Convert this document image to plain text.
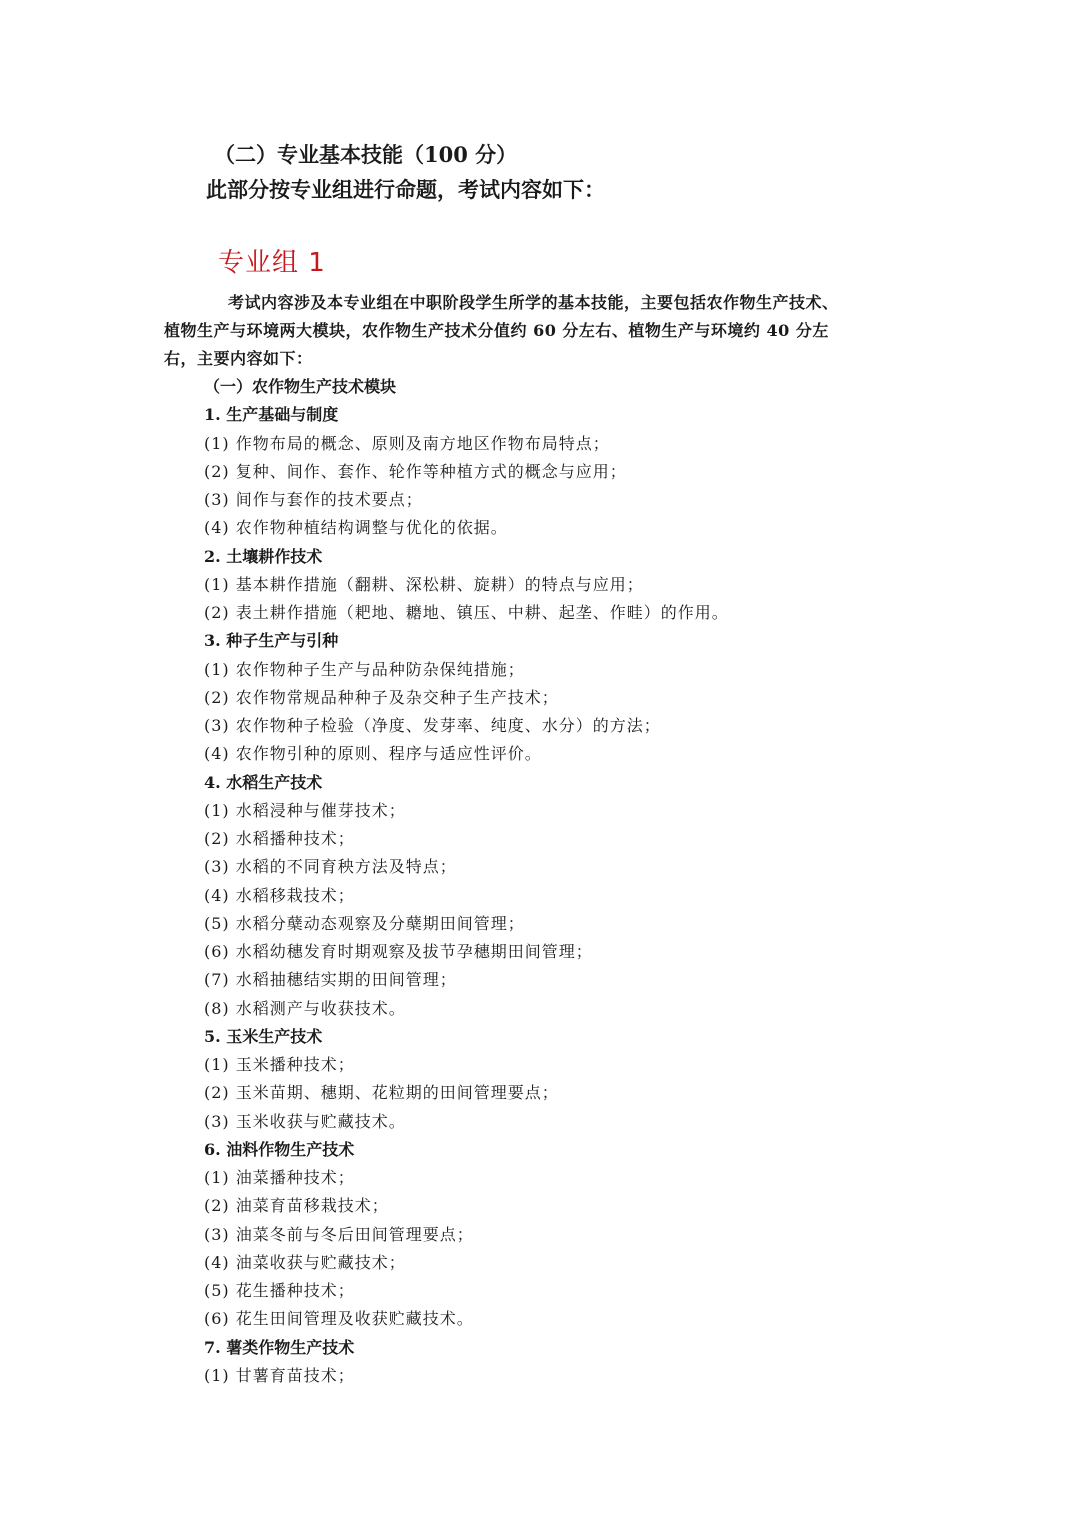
（二）专业基本技能（100 分）
此部分按专业组进行命题，考试内容如下：
专业组 1
考试内容涉及本专业组在中职阶段学生所学的基本技能，主要包括农作物生产技术、
植物生产与环境两大模块，农作物生产技术分值约 60 分左右、植物生产与环境约 40 分左
右，主要内容如下：
（一）农作物生产技术模块
1. 生产基础与制度
(1) 作物布局的概念、原则及南方地区作物布局特点；
(2) 复种、间作、套作、轮作等种植方式的概念与应用；
(3) 间作与套作的技术要点；
(4) 农作物种植结构调整与优化的依据。
2. 土壤耕作技术
(1) 基本耕作措施（翻耕、深松耕、旋耕）的特点与应用；
(2) 表土耕作措施（耙地、耱地、镇压、中耕、起垄、作畦）的作用。
3. 种子生产与引种
(1) 农作物种子生产与品种防杂保纯措施；
(2) 农作物常规品种种子及杂交种子生产技术；
(3) 农作物种子检验（净度、发芽率、纯度、水分）的方法；
(4) 农作物引种的原则、程序与适应性评价。
4. 水稻生产技术
(1) 水稻浸种与催芽技术；
(2) 水稻播种技术；
(3) 水稻的不同育秧方法及特点；
(4) 水稻移栽技术；
(5) 水稻分蘖动态观察及分蘖期田间管理；
(6) 水稻幼穗发育时期观察及拔节孕穗期田间管理；
(7) 水稻抽穗结实期的田间管理；
(8) 水稻测产与收获技术。
5. 玉米生产技术
(1) 玉米播种技术；
(2) 玉米苗期、穗期、花粒期的田间管理要点；
(3) 玉米收获与贮藏技术。
6. 油料作物生产技术
(1) 油菜播种技术；
(2) 油菜育苗移栽技术；
(3) 油菜冬前与冬后田间管理要点；
(4) 油菜收获与贮藏技术；
(5) 花生播种技术；
(6) 花生田间管理及收获贮藏技术。
7. 薯类作物生产技术
(1) 甘薯育苗技术；
